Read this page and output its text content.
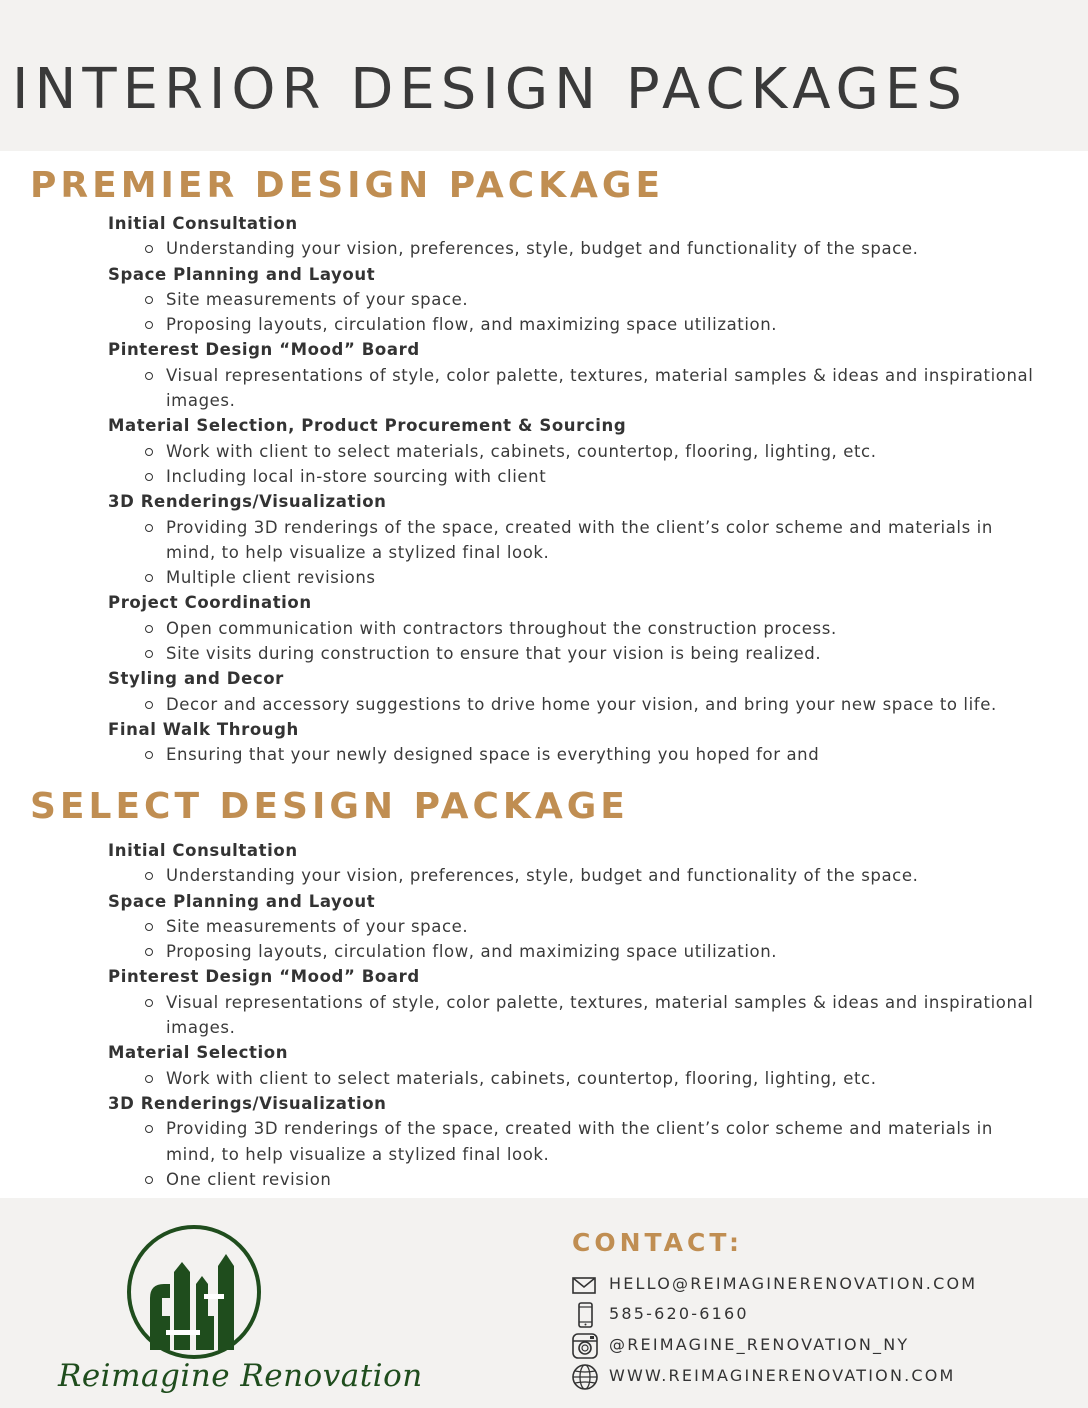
INTERIOR DESIGN PACKAGES
PREMIER DESIGN PACKAGE
Initial Consultation
Understanding your vision, preferences, style, budget and functionality of the space.
Space Planning and Layout
Site measurements of your space.
Proposing layouts, circulation flow, and maximizing space utilization.
Pinterest Design “Mood” Board
Visual representations of style, color palette, textures, material samples & ideas and inspirational images.
Material Selection, Product Procurement & Sourcing
Work with client to select materials, cabinets, countertop, flooring, lighting, etc.
Including local in-store sourcing with client
3D Renderings/Visualization
Providing 3D renderings of the space, created with the client’s color scheme and materials in mind, to help visualize a stylized final look.
Multiple client revisions
Project Coordination
Open communication with contractors throughout the construction process.
Site visits during construction to ensure that your vision is being realized.
Styling and Decor
Decor and accessory suggestions to drive home your vision, and bring your new space to life.
Final Walk Through
Ensuring that your newly designed space is everything you hoped for and
SELECT DESIGN PACKAGE
Initial Consultation
Understanding your vision, preferences, style, budget and functionality of the space.
Space Planning and Layout
Site measurements of your space.
Proposing layouts, circulation flow, and maximizing space utilization.
Pinterest Design “Mood” Board
Visual representations of style, color palette, textures, material samples & ideas and inspirational images.
Material Selection
Work with client to select materials, cabinets, countertop, flooring, lighting, etc.
3D Renderings/Visualization
Providing 3D renderings of the space, created with the client’s color scheme and materials in mind, to help visualize a stylized final look.
One client revision
Reimagine Renovation
CONTACT:
HELLO@REIMAGINERENOVATION.COM
585-620-6160
@REIMAGINE_RENOVATION_NY
WWW.REIMAGINERENOVATION.COM
